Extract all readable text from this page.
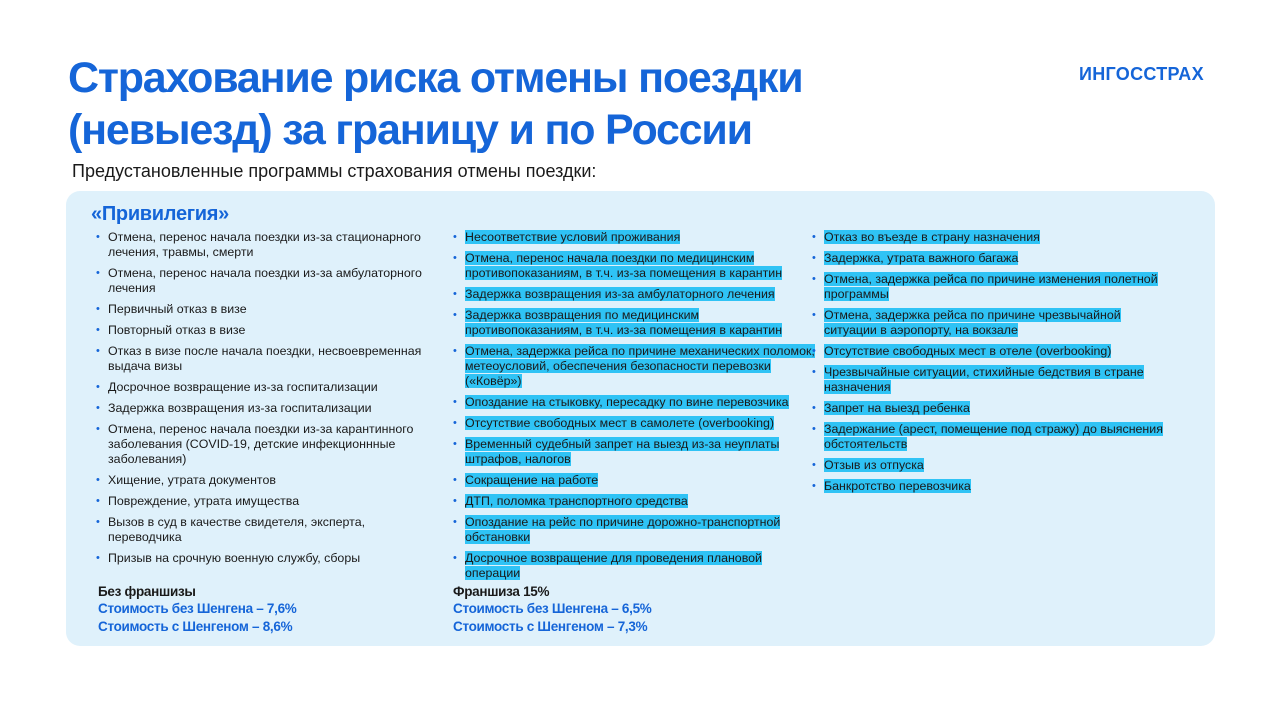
Страхование риска отмены поездки
(невыезд) за границу и по России
ИНГОССТРАХ
Предустановленные программы страхования отмены поездки:
«Привилегия»
• Отмена, перенос начала поездки из-за стационарного лечения, травмы, смерти
• Отмена, перенос начала поездки из-за амбулаторного лечения
• Первичный отказ в визе
• Повторный отказ в визе
• Отказ в визе после начала поездки, несвоевременная выдача визы
• Досрочное возвращение из-за госпитализации
• Задержка возвращения из-за госпитализации
• Отмена, перенос начала поездки из-за карантинного заболевания (COVID-19, детские инфекционнные заболевания)
• Хищение, утрата документов
• Повреждение, утрата имущества
• Вызов в суд в качестве свидетеля, эксперта, переводчика
• Призыв на срочную военную службу, сборы
• Несоответствие условий проживания
• Отмена, перенос начала поездки по медицинским противопоказаниям, в т.ч. из-за помещения в карантин
• Задержка возвращения из-за амбулаторного лечения
• Задержка возвращения по медицинским противопоказаниям, в т.ч. из-за помещения в карантин
• Отмена, задержка рейса по причине механических поломок, метеоусловий, обеспечения безопасности перевозки («Ковёр»)
• Опоздание на стыковку, пересадку по вине перевозчика
• Отсутствие свободных мест в самолете (overbooking)
• Временный судебный запрет на выезд из-за неуплаты штрафов, налогов
• Сокращение на работе
• ДТП, поломка транспортного средства
• Опоздание на рейс по причине дорожно-транспортной обстановки
• Досрочное возвращение для проведения плановой операции
• Отказ во въезде в страну назначения
• Задержка, утрата важного багажа
• Отмена, задержка рейса по причине изменения полетной программы
• Отмена, задержка рейса по причине чрезвычайной ситуации в аэропорту, на вокзале
• Отсутствие свободных мест в отеле (overbooking)
• Чрезвычайные ситуации, стихийные бедствия в стране назначения
• Запрет на выезд ребенка
• Задержание (арест, помещение под стражу) до выяснения обстоятельств
• Отзыв из отпуска
• Банкротство перевозчика
Без франшизы
Стоимость без Шенгена – 7,6%
Стоимость с Шенгеном – 8,6%
Франшиза 15%
Стоимость без Шенгена – 6,5%
Стоимость с Шенгеном – 7,3%
